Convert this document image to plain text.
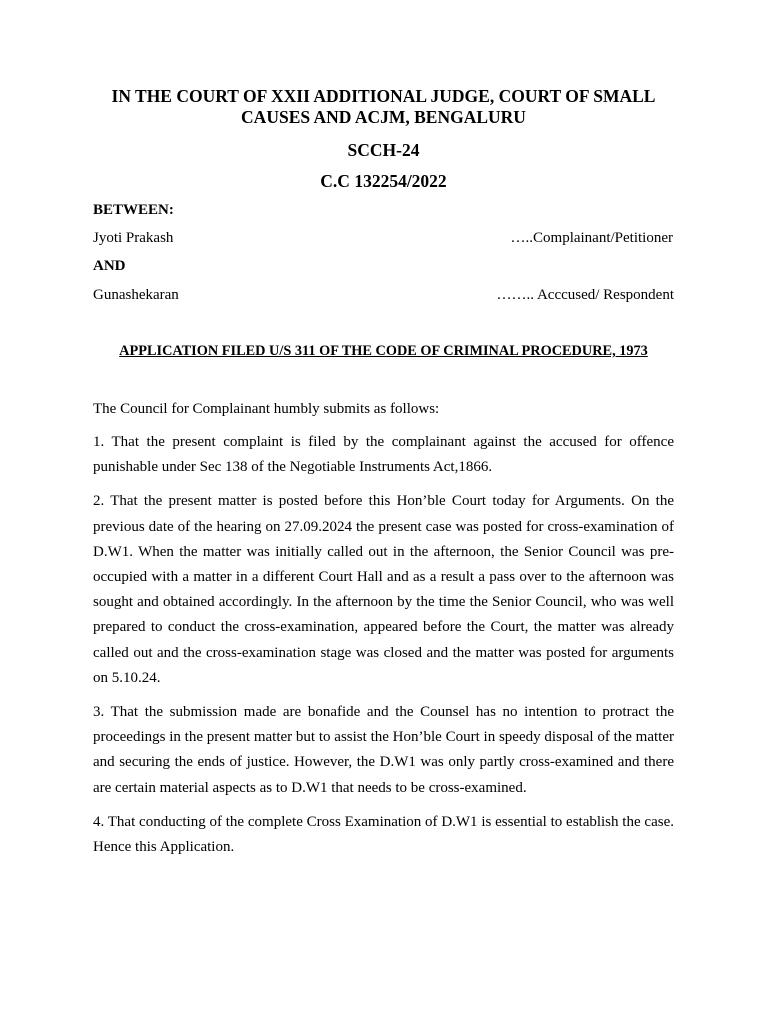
IN THE COURT OF XXII ADDITIONAL JUDGE, COURT OF SMALL CAUSES AND ACJM, BENGALURU
SCCH-24
C.C 132254/2022
BETWEEN:
Jyoti Prakash	…..Complainant/Petitioner
AND
Gunashekaran	…….. Acccused/ Respondent
APPLICATION FILED U/S 311 OF THE CODE OF CRIMINAL PROCEDURE, 1973
The Council for Complainant humbly submits as follows:
1. That the present complaint is filed by the complainant against the accused for offence punishable under Sec 138 of the Negotiable Instruments Act,1866.
2. That the present matter is posted before this Hon’ble Court today for Arguments. On the previous date of the hearing on 27.09.2024 the present case was posted for cross-examination of D.W1. When the matter was initially called out in the afternoon, the Senior Council was pre-occupied with a matter in a different Court Hall and as a result a pass over to the afternoon was sought and obtained accordingly. In the afternoon by the time the Senior Council, who was well prepared to conduct the cross-examination, appeared before the Court, the matter was already called out and the cross-examination stage was closed and the matter was posted for arguments on 5.10.24.
3. That the submission made are bonafide and the Counsel has no intention to protract the proceedings in the present matter but to assist the Hon’ble Court in speedy disposal of the matter and securing the ends of justice. However, the D.W1 was only partly cross-examined and there are certain material aspects as to D.W1 that needs to be cross-examined.
4. That conducting of the complete Cross Examination of D.W1 is essential to establish the case. Hence this Application.
